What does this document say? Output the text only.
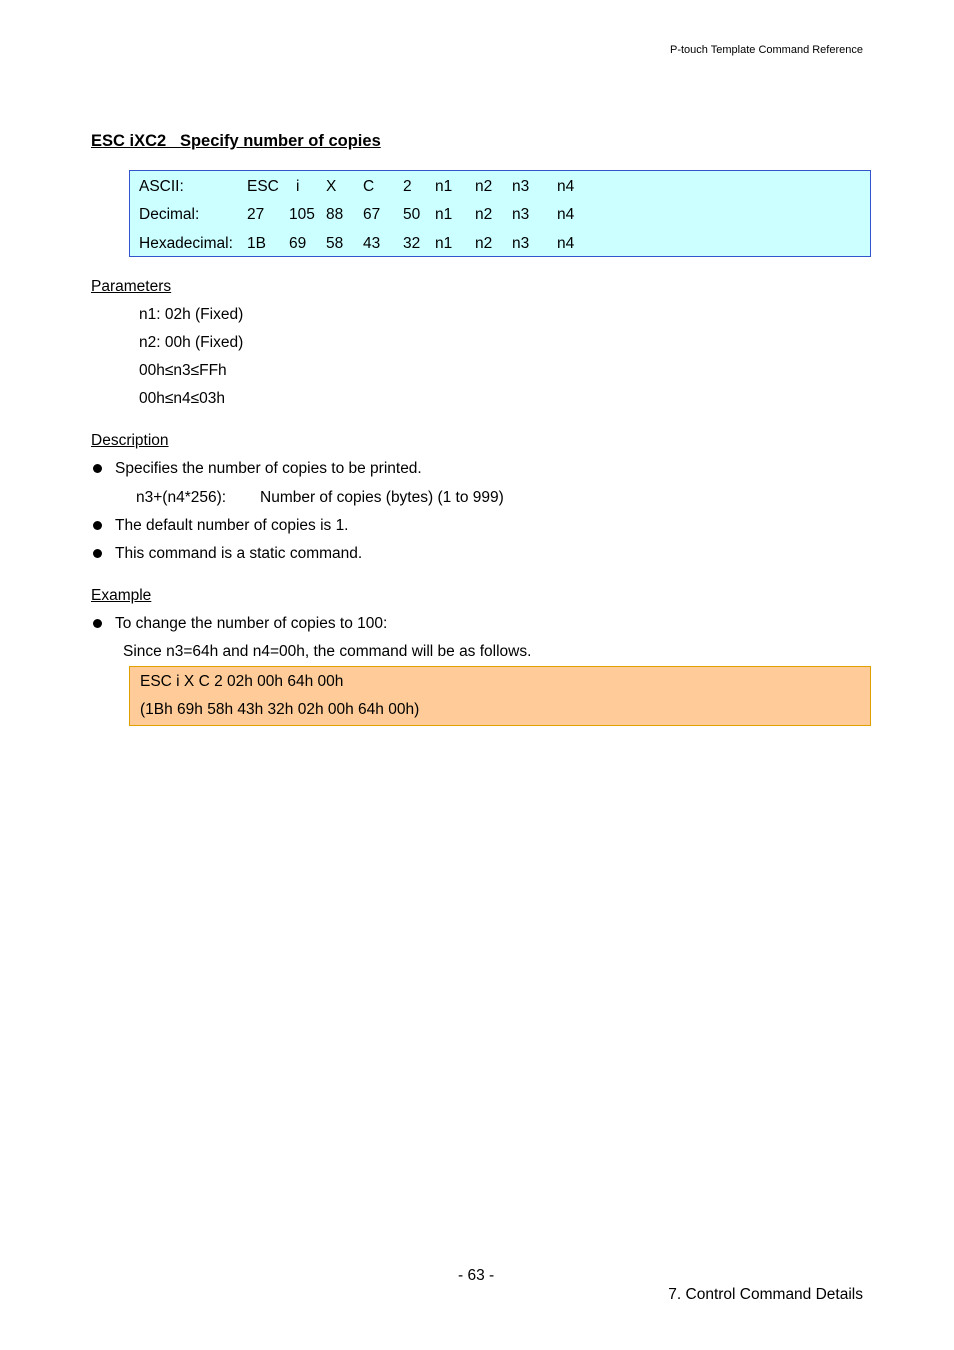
P-touch Template Command Reference
ESC iXC2   Specify number of copies
ASCII:	ESC i X C 2 n1 n2 n3 n4
Decimal:	27 105 88 67 50 n1 n2 n3 n4
Hexadecimal: 1B 69 58 43 32 n1 n2 n3 n4
Parameters
n1: 02h (Fixed)
n2: 00h (Fixed)
00h≤n3≤FFh
00h≤n4≤03h
Description
Specifies the number of copies to be printed.
n3+(n4*256): Number of copies (bytes) (1 to 999)
The default number of copies is 1.
This command is a static command.
Example
To change the number of copies to 100:
Since n3=64h and n4=00h, the command will be as follows.
ESC i X C 2 02h 00h 64h 00h
(1Bh 69h 58h 43h 32h 02h 00h 64h 00h)
- 63 -
7. Control Command Details
